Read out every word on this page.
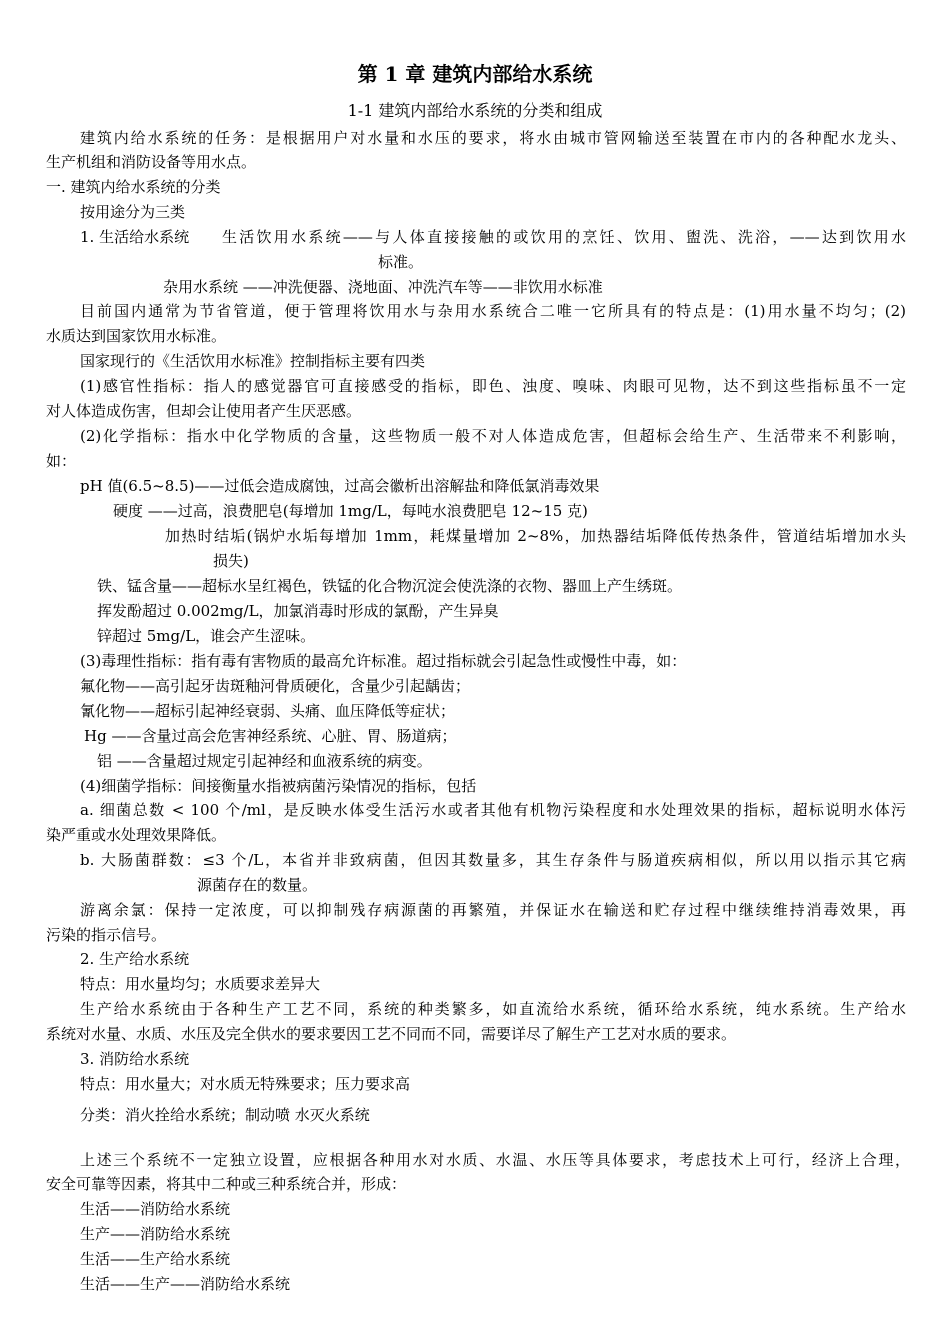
第 1 章 建筑内部给水系统
1-1 建筑内部给水系统的分类和组成
建筑内给水系统的任务：是根据用户对水量和水压的要求，将水由城市管网输送至装置在市内的各种配水龙头、
生产机组和消防设备等用水点。
一. 建筑内给水系统的分类
按用途分为三类
1. 生活给水系统 生活饮用水系统——与人体直接接触的或饮用的烹饪、饮用、盥洗、洗浴，——达到饮用水
标准。
杂用水系统 ——冲洗便器、浇地面、冲洗汽车等——非饮用水标准
目前国内通常为节省管道，便于管理将饮用水与杂用水系统合二唯一它所具有的特点是：(1)用水量不均匀；(2)
水质达到国家饮用水标准。
国家现行的《生活饮用水标准》控制指标主要有四类
(1)感官性指标：指人的感觉器官可直接感受的指标，即色、浊度、嗅味、肉眼可见物，达不到这些指标虽不一定
对人体造成伤害，但却会让使用者产生厌恶感。
(2)化学指标：指水中化学物质的含量，这些物质一般不对人体造成危害，但超标会给生产、生活带来不利影响，
如：
pH 值(6.5~8.5)——过低会造成腐蚀，过高会徽析出溶解盐和降低氯消毒效果
硬度 ——过高，浪费肥皂(每增加 1mg/L，每吨水浪费肥皂 12~15 克)
加热时结垢(锅炉水垢每增加 1mm，耗煤量增加 2~8%，加热器结垢降低传热条件，管道结垢增加水头
损失)
铁、锰含量——超标水呈红褐色，铁锰的化合物沉淀会使洗涤的衣物、器皿上产生绣斑。
挥发酚超过 0.002mg/L，加氯消毒时形成的氯酚，产生异臭
锌超过 5mg/L，谁会产生涩味。
(3)毒理性指标：指有毒有害物质的最高允许标准。超过指标就会引起急性或慢性中毒，如：
氟化物——高引起牙齿斑釉河骨质硬化，含量少引起龋齿；
氰化物——超标引起神经衰弱、头痛、血压降低等症状；
Hg ——含量过高会危害神经系统、心脏、胃、肠道病；
铝 ——含量超过规定引起神经和血液系统的病变。
(4)细菌学指标：间接衡量水指被病菌污染情况的指标，包括
a. 细菌总数 < 100 个/ml，是反映水体受生活污水或者其他有机物污染程度和水处理效果的指标，超标说明水体污
染严重或水处理效果降低。
b. 大肠菌群数：≤3 个/L，本省并非致病菌，但因其数量多，其生存条件与肠道疾病相似，所以用以指示其它病
源菌存在的数量。
游离余氯：保持一定浓度，可以抑制残存病源菌的再繁殖，并保证水在输送和贮存过程中继续维持消毒效果，再
污染的指示信号。
2. 生产给水系统
特点：用水量均匀；水质要求差异大
生产给水系统由于各种生产工艺不同，系统的种类繁多，如直流给水系统，循环给水系统，纯水系统。生产给水
系统对水量、水质、水压及完全供水的要求要因工艺不同而不同，需要详尽了解生产工艺对水质的要求。
3. 消防给水系统
特点：用水量大；对水质无特殊要求；压力要求高
分类：消火拴给水系统；制动喷 水灭火系统
上述三个系统不一定独立设置，应根据各种用水对水质、水温、水压等具体要求，考虑技术上可行，经济上合理，
安全可靠等因素，将其中二种或三种系统合并，形成：
生活——消防给水系统
生产——消防给水系统
生活——生产给水系统
生活——生产——消防给水系统
